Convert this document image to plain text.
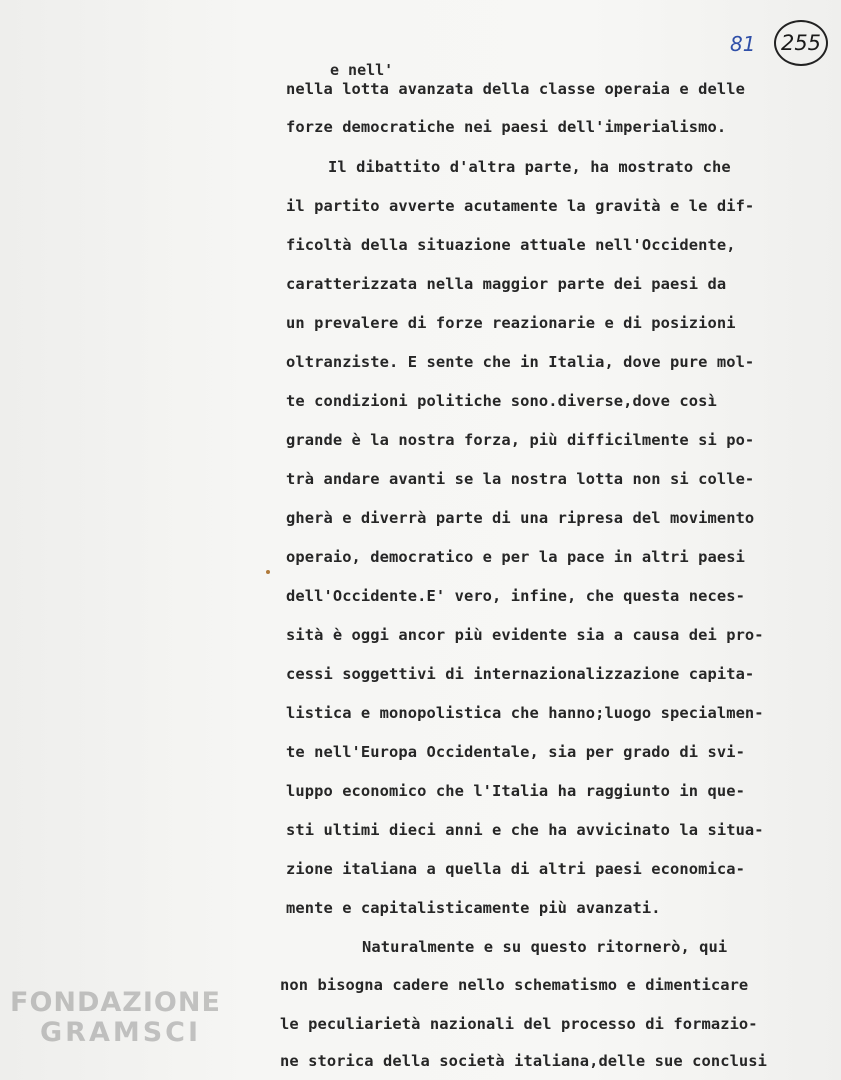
81	255
e nell'
nella lotta avanzata della classe operaia e delle
forze democratiche nei paesi dell'imperialismo.
Il dibattito d'altra parte, ha mostrato che
il partito avverte acutamente la gravità e le dif-
ficoltà della situazione attuale nell'Occidente,
caratterizzata nella maggior parte dei paesi da
un prevalere di forze reazionarie e di posizioni
oltranziste. E sente che in Italia, dove pure mol-
te condizioni politiche sono.diverse,dove così
grande è la nostra forza, più difficilmente si po-
trà andare avanti se la nostra lotta non si colle-
gherà e diverrà parte di una ripresa del movimento
operaio, democratico e per la pace in altri paesi
dell'Occidente.E' vero, infine, che questa neces-
sità è oggi ancor più evidente sia a causa dei pro-
cessi soggettivi di internazionalizzazione capita-
listica e monopolistica che hanno;luogo specialmen-
te nell'Europa Occidentale, sia per grado di svi-
luppo economico che l'Italia ha raggiunto in que-
sti ultimi dieci anni e che ha avvicinato la situa-
zione italiana a quella di altri paesi economica-
mente e capitalisticamente più avanzati.
Naturalmente e su questo ritornerò, qui
non bisogna cadere nello schematismo e dimenticare
le peculiarietà nazionali del processo di formazio-
ne storica della società italiana,delle sue conclusi
FONDAZIONE
GRAMSCI
